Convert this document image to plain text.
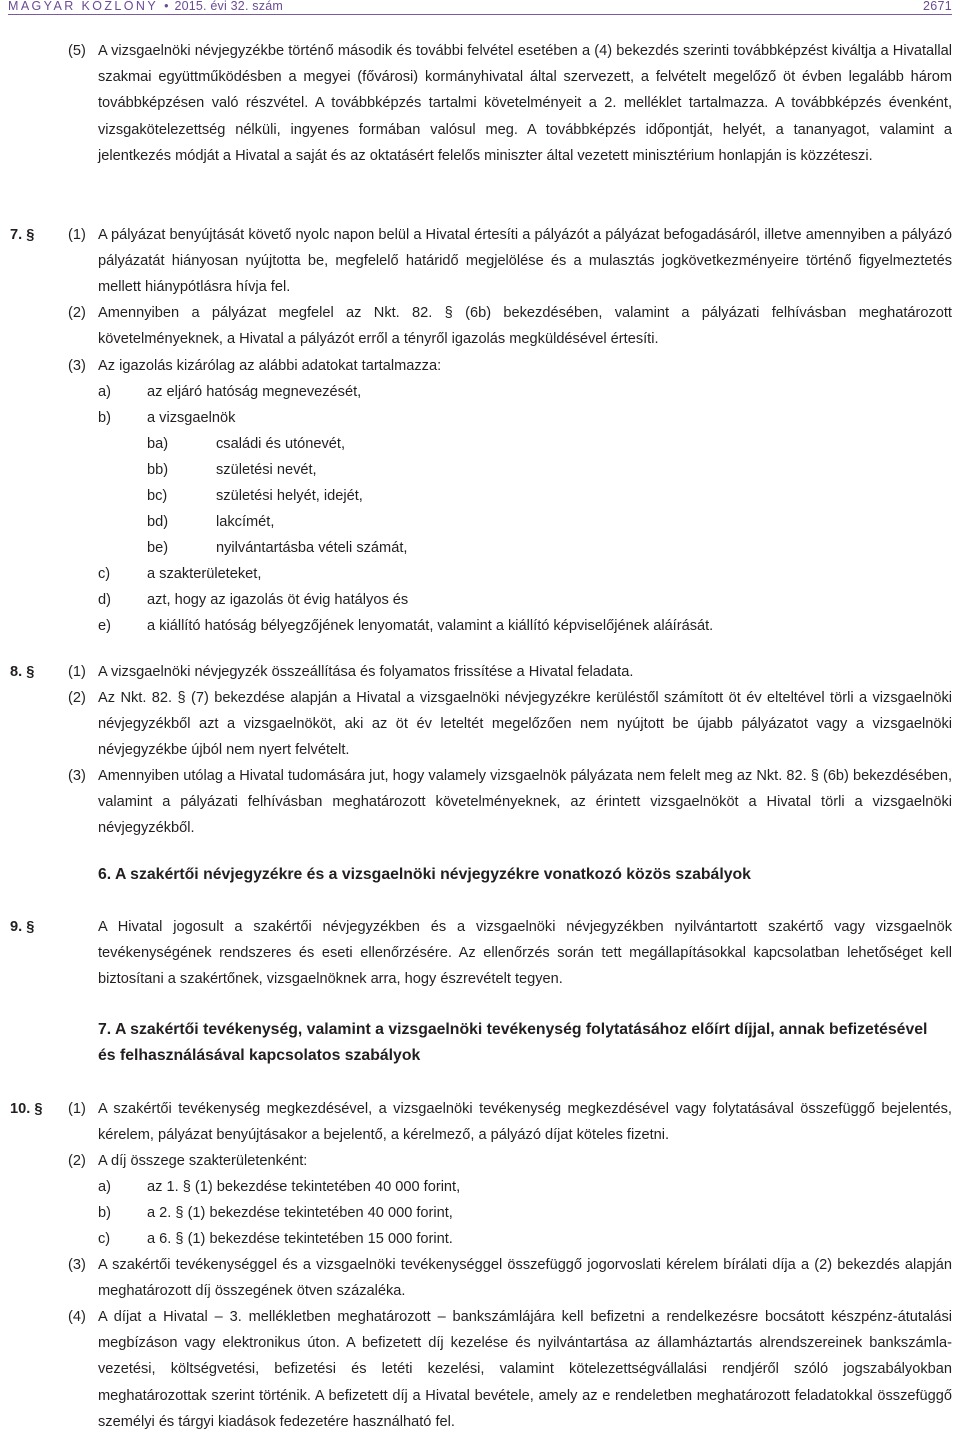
MAGYAR KÖZLÖNY • 2015. évi 32. szám	2671
(5) A vizsgaelnöki névjegyzékbe történő második és további felvétel esetében a (4) bekezdés szerinti továbbképzést kiváltja a Hivatallal szakmai együttműködésben a megyei (fővárosi) kormányhivatal által szervezett, a felvételt megelőző öt évben legalább három továbbképzésen való részvétel. A továbbképzés tartalmi követelményeit a 2. melléklet tartalmazza. A továbbképzés évenként, vizsgakötelezettség nélküli, ingyenes formában valósul meg. A továbbképzés időpontját, helyét, a tananyagot, valamint a jelentkezés módját a Hivatal a saját és az oktatásért felelős miniszter által vezetett minisztérium honlapján is közzéteszi.
7. § (1) A pályázat benyújtását követő nyolc napon belül a Hivatal értesíti a pályázót a pályázat befogadásáról, illetve amennyiben a pályázó pályázatát hiányosan nyújtotta be, megfelelő határidő megjelölése és a mulasztás jogkövetkezményeire történő figyelmeztetés mellett hiánypótlásra hívja fel.
(2) Amennyiben a pályázat megfelel az Nkt. 82. § (6b) bekezdésében, valamint a pályázati felhívásban meghatározott követelményeknek, a Hivatal a pályázót erről a tényről igazolás megküldésével értesíti.
(3) Az igazolás kizárólag az alábbi adatokat tartalmazza:
a) az eljáró hatóság megnevezését,
b) a vizsgaelnök
ba)	családi és utónevét,
bb)	születési nevét,
bc)	születési helyét, idejét,
bd)	lakcímét,
be)	nyilvántartásba vételi számát,
c)	a szakterületeket,
d) azt, hogy az igazolás öt évig hatályos és
e) a kiállító hatóság bélyegzőjének lenyomatát, valamint a kiállító képviselőjének aláírását.
8. § (1) A vizsgaelnöki névjegyzék összeállítása és folyamatos frissítése a Hivatal feladata.
(2) Az Nkt. 82. § (7) bekezdése alapján a Hivatal a vizsgaelnöki névjegyzékre kerüléstől számított öt év elteltével törli a vizsgaelnöki névjegyzékből azt a vizsgaelnököt, aki az öt év leteltét megelőzően nem nyújtott be újabb pályázatot vagy a vizsgaelnöki névjegyzékbe újból nem nyert felvételt.
(3) Amennyiben utólag a Hivatal tudomására jut, hogy valamely vizsgaelnök pályázata nem felelt meg az Nkt. 82. § (6b) bekezdésében, valamint a pályázati felhívásban meghatározott követelményeknek, az érintett vizsgaelnököt a Hivatal törli a vizsgaelnöki névjegyzékből.
6. A szakértői névjegyzékre és a vizsgaelnöki névjegyzékre vonatkozó közös szabályok
9. §	A Hivatal jogosult a szakértői névjegyzékben és a vizsgaelnöki névjegyzékben nyilvántartott szakértő vagy vizsgaelnök tevékenységének rendszeres és eseti ellenőrzésére. Az ellenőrzés során tett megállapításokkal kapcsolatban lehetőséget kell biztosítani a szakértőnek, vizsgaelnöknek arra, hogy észrevételt tegyen.
7. A szakértői tevékenység, valamint a vizsgaelnöki tevékenység folytatásához előírt díjjal, annak befizetésével és felhasználásával kapcsolatos szabályok
10. § (1) A szakértői tevékenység megkezdésével, a vizsgaelnöki tevékenység megkezdésével vagy folytatásával összefüggő bejelentés, kérelem, pályázat benyújtásakor a bejelentő, a kérelmező, a pályázó díjat köteles fizetni.
(2) A díj összege szakterületenként:
a) az 1. § (1) bekezdése tekintetében 40 000 forint,
b) a 2. § (1) bekezdése tekintetében 40 000 forint,
c)	a 6. § (1) bekezdése tekintetében 15 000 forint.
(3) A szakértői tevékenységgel és a vizsgaelnöki tevékenységgel összefüggő jogorvoslati kérelem bírálati díja a (2) bekezdés alapján meghatározott díj összegének ötven százaléka.
(4) A díjat a Hivatal – 3. mellékletben meghatározott – bankszámlájára kell befizetni a rendelkezésre bocsátott készpénz-átutalási megbízáson vagy elektronikus úton. A befizetett díj kezelése és nyilvántartása az államháztartás alrendszereinek bankszámla-vezetési, költségvetési, befizetési és letéti kezelési, valamint kötelezettségvállalási rendjéről szóló jogszabályokban meghatározottak szerint történik. A befizetett díj a Hivatal bevétele, amely az e rendeletben meghatározott feladatokkal összefüggő személyi és tárgyi kiadások fedezetére használható fel.
